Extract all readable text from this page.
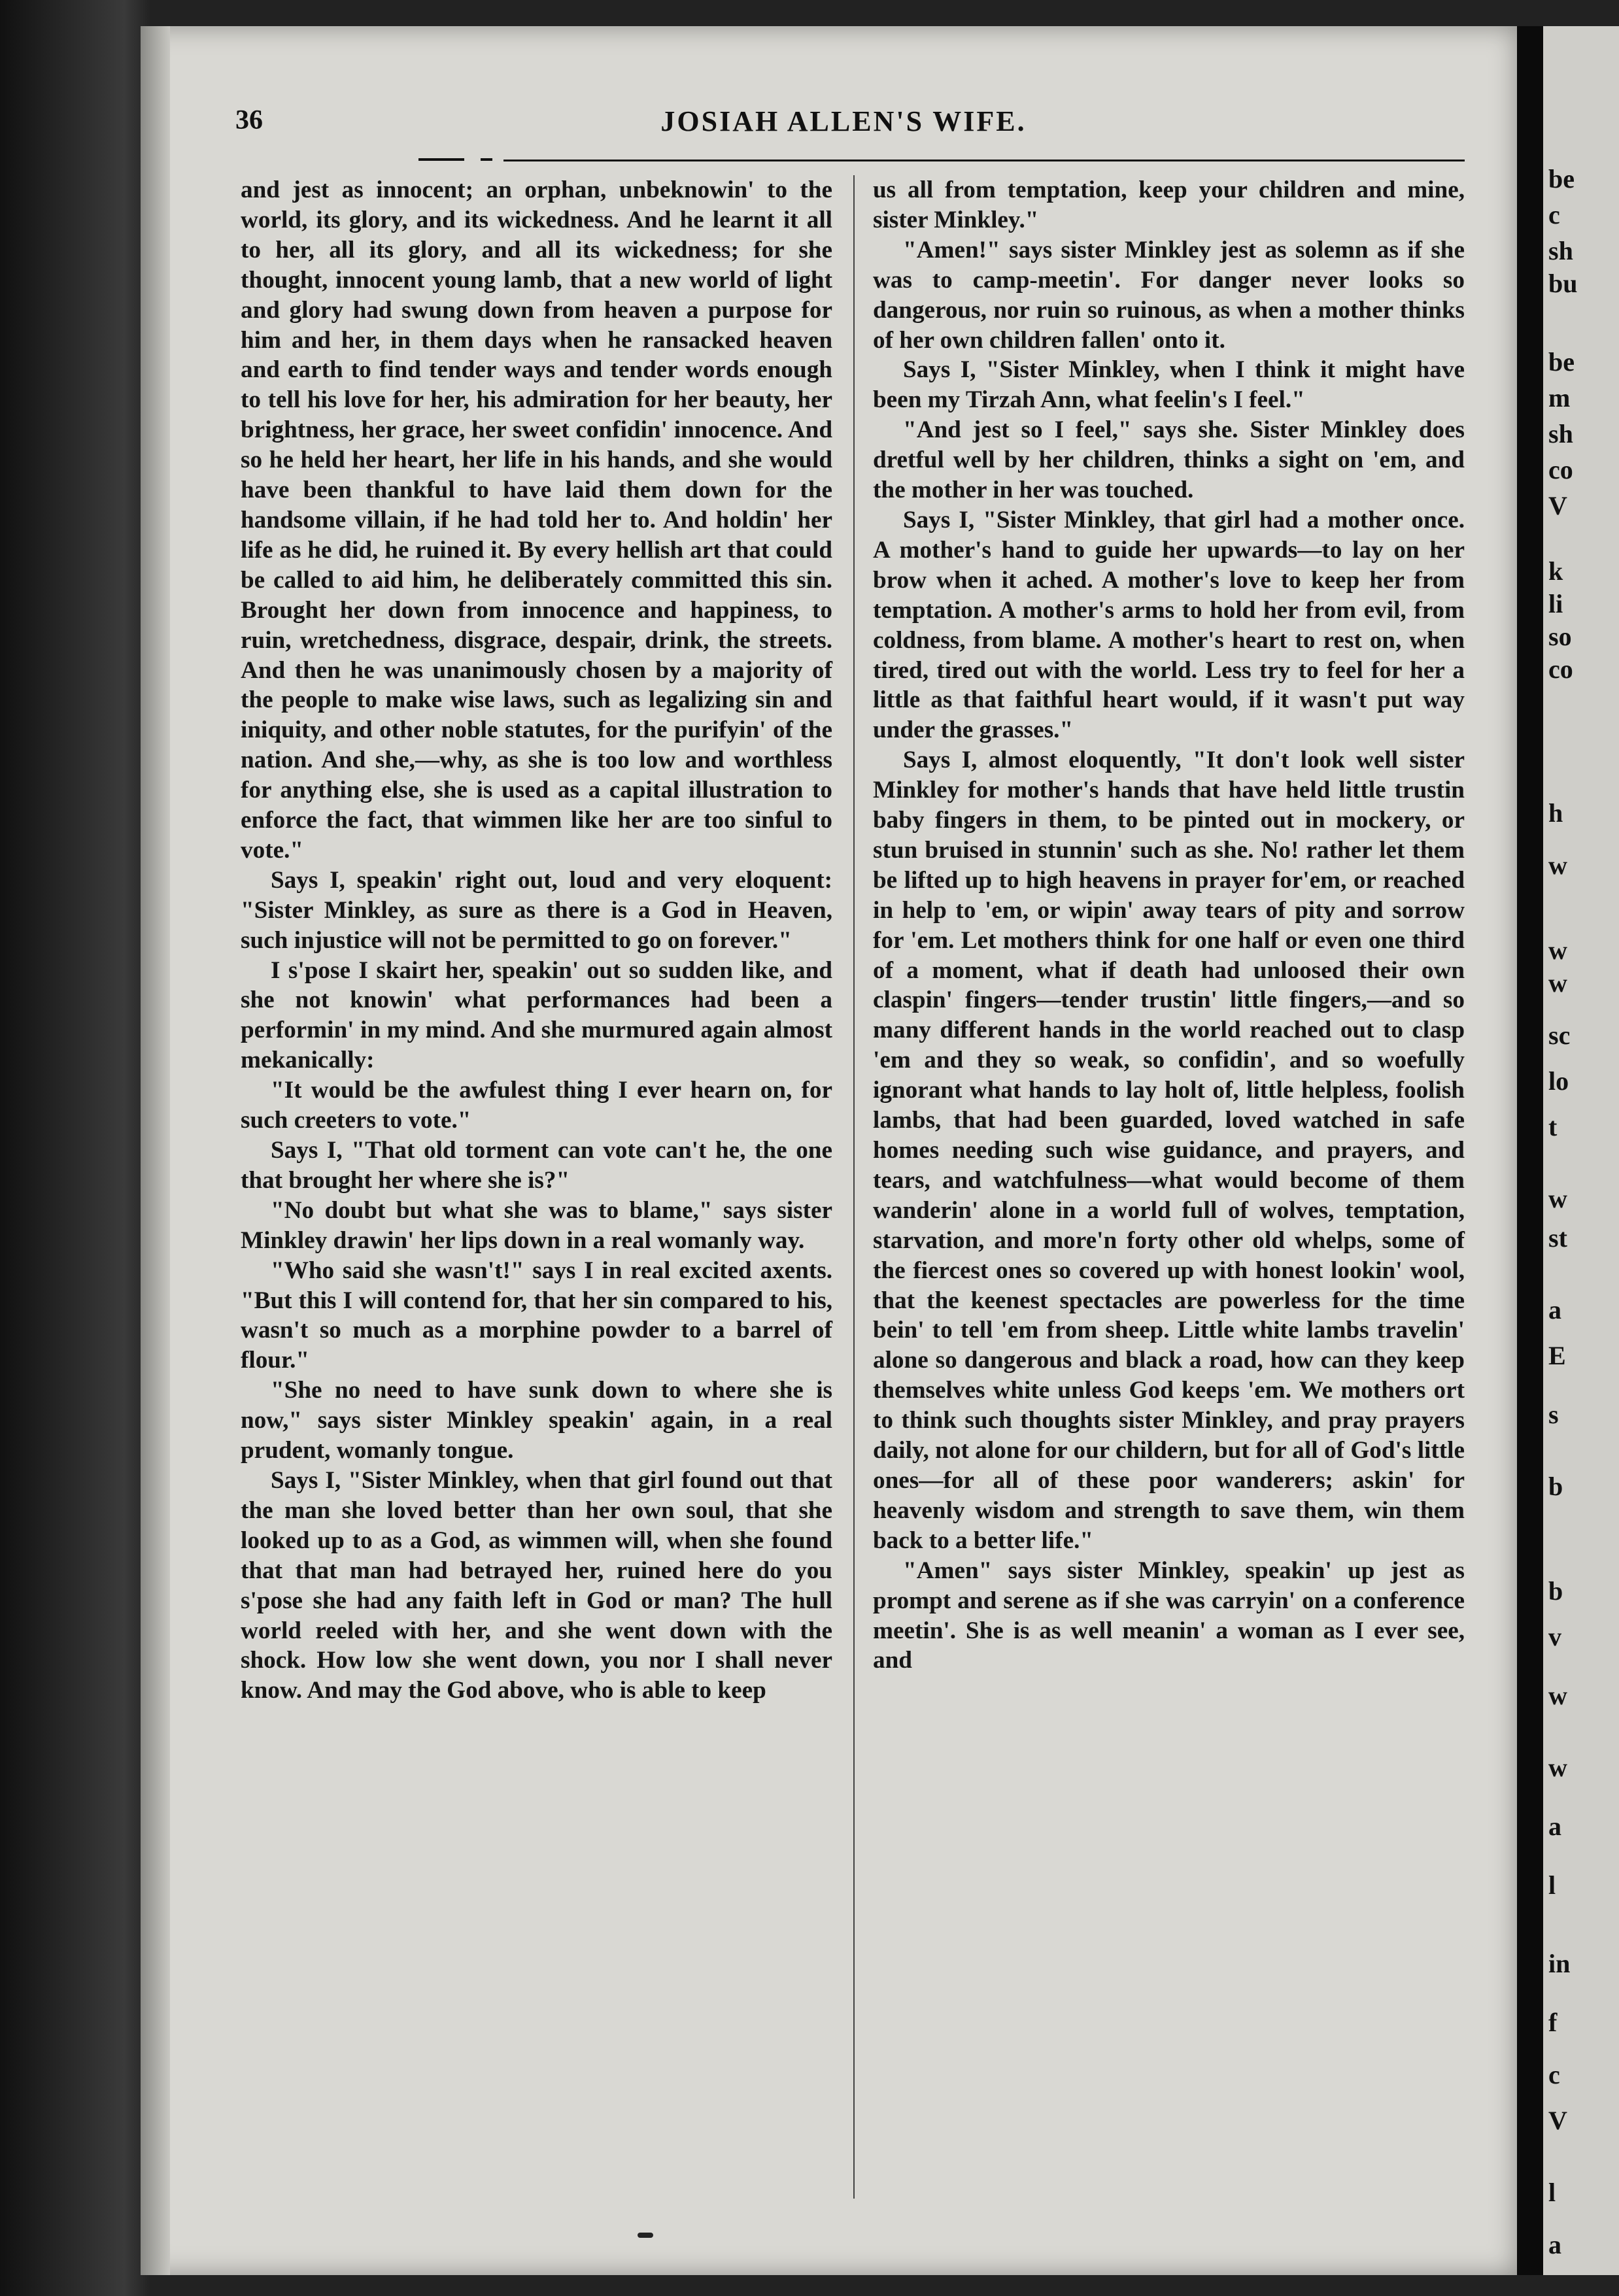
be
c
sh
bu
be
m
sh
co
V
k
li
so
co
h
w
w
w
sc
lo
t
w
st
a
E
s
b
b
v
w
w
a
l
in
f
c
V
l
a
36	JOSIAH ALLEN'S WIFE.

and jest as innocent; an orphan, unbeknowin' to the world, its glory, and its wickedness. And he learnt it all to her, all its glory, and all its wickedness; for she thought, innocent young lamb, that a new world of light and glory had swung down from heaven a purpose for him and her, in them days when he ransacked heaven and earth to find tender ways and tender words enough to tell his love for her, his admiration for her beauty, her brightness, her grace, her sweet confidin' innocence. And so he held her heart, her life in his hands, and she would have been thankful to have laid them down for the handsome villain, if he had told her to. And holdin' her life as he did, he ruined it. By every hellish art that could be called to aid him, he deliberately committed this sin. Brought her down from innocence and happiness, to ruin, wretchedness, disgrace, despair, drink, the streets. And then he was unanimously chosen by a majority of the people to make wise laws, such as legalizing sin and iniquity, and other noble statutes, for the purifyin' of the nation. And she,—why, as she is too low and worthless for anything else, she is used as a capital illustration to enforce the fact, that wimmen like her are too sinful to vote."

Says I, speakin' right out, loud and very eloquent: "Sister Minkley, as sure as there is a God in Heaven, such injustice will not be permitted to go on forever."

I s'pose I skairt her, speakin' out so sudden like, and she not knowin' what performances had been a performin' in my mind. And she murmured again almost mekanically:

"It would be the awfulest thing I ever hearn on, for such creeters to vote."

Says I, "That old torment can vote can't he, the one that brought her where she is?"

"No doubt but what she was to blame," says sister Minkley drawin' her lips down in a real womanly way.

"Who said she wasn't!" says I in real excited axents. "But this I will contend for, that her sin compared to his, wasn't so much as a morphine powder to a barrel of flour."

"She no need to have sunk down to where she is now," says sister Minkley speakin' again, in a real prudent, womanly tongue.

Says I, "Sister Minkley, when that girl found out that the man she loved better than her own soul, that she looked up to as a God, as wimmen will, when she found that that man had betrayed her, ruined here do you s'pose she had any faith left in God or man? The hull world reeled with her, and she went down with the shock. How low she went down, you nor I shall never know. And may the God above, who is able to keep

us all from temptation, keep your children and mine, sister Minkley."

"Amen!" says sister Minkley jest as solemn as if she was to camp-meetin'. For danger never looks so dangerous, nor ruin so ruinous, as when a mother thinks of her own children fallen' onto it.

Says I, "Sister Minkley, when I think it might have been my Tirzah Ann, what feelin's I feel."

"And jest so I feel," says she. Sister Minkley does dretful well by her children, thinks a sight on 'em, and the mother in her was touched.

Says I, "Sister Minkley, that girl had a mother once. A mother's hand to guide her upwards—to lay on her brow when it ached. A mother's love to keep her from temptation. A mother's arms to hold her from evil, from coldness, from blame. A mother's heart to rest on, when tired, tired out with the world. Less try to feel for her a little as that faithful heart would, if it wasn't put way under the grasses."

Says I, almost eloquently, "It don't look well sister Minkley for mother's hands that have held little trustin baby fingers in them, to be pinted out in mockery, or stun bruised in stunnin' such as she. No! rather let them be lifted up to high heavens in prayer for'em, or reached in help to 'em, or wipin' away tears of pity and sorrow for 'em. Let mothers think for one half or even one third of a moment, what if death had unloosed their own claspin' fingers—tender trustin' little fingers,—and so many different hands in the world reached out to clasp 'em and they so weak, so confidin', and so woefully ignorant what hands to lay holt of, little helpless, foolish lambs, that had been guarded, loved watched in safe homes needing such wise guidance, and prayers, and tears, and watchfulness—what would become of them wanderin' alone in a world full of wolves, temptation, starvation, and more'n forty other old whelps, some of the fiercest ones so covered up with honest lookin' wool, that the keenest spectacles are powerless for the time bein' to tell 'em from sheep. Little white lambs travelin' alone so dangerous and black a road, how can they keep themselves white unless God keeps 'em. We mothers ort to think such thoughts sister Minkley, and pray prayers daily, not alone for our childern, but for all of God's little ones—for all of these poor wanderers; askin' for heavenly wisdom and strength to save them, win them back to a better life."

"Amen" says sister Minkley, speakin' up jest as prompt and serene as if she was carryin' on a conference meetin'. She is as well meanin' a woman as I ever see, and
